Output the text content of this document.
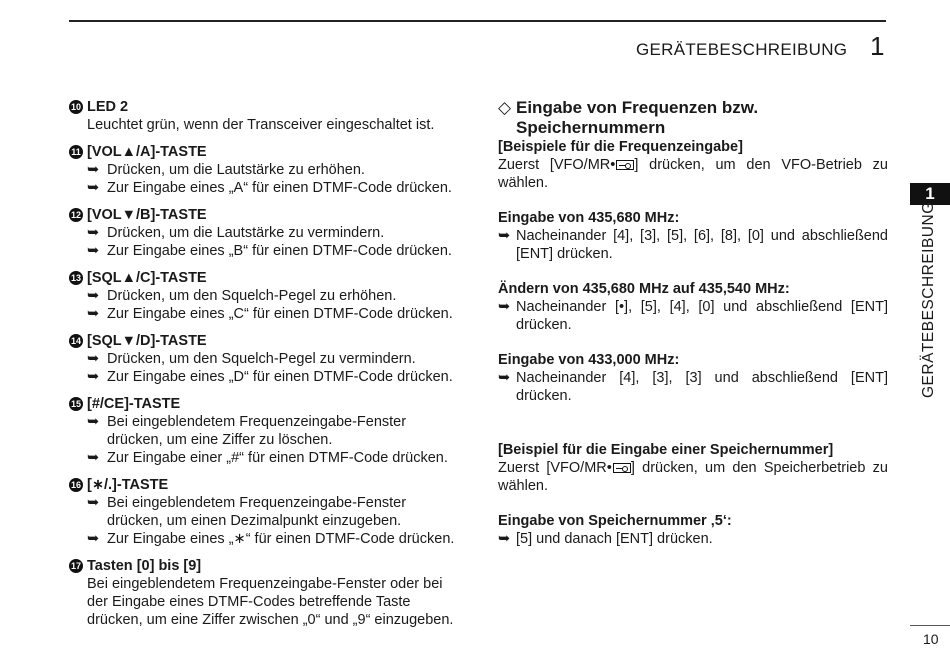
GERÄTEBESCHREIBUNG 1
10 LED 2
Leuchtet grün, wenn der Transceiver eingeschaltet ist.
11 [VOL▲/A]-TASTE
➥ Drücken, um die Lautstärke zu erhöhen.
➥ Zur Eingabe eines „A“ für einen DTMF-Code drücken.
12 [VOL▼/B]-TASTE
➥ Drücken, um die Lautstärke zu vermindern.
➥ Zur Eingabe eines „B“ für einen DTMF-Code drücken.
13 [SQL▲/C]-TASTE
➥ Drücken, um den Squelch-Pegel zu erhöhen.
➥ Zur Eingabe eines „C“ für einen DTMF-Code drücken.
14 [SQL▼/D]-TASTE
➥ Drücken, um den Squelch-Pegel zu vermindern.
➥ Zur Eingabe eines „D“ für einen DTMF-Code drücken.
15 [#/CE]-TASTE
➥ Bei eingeblendetem Frequenzeingabe-Fenster drücken, um eine Ziffer zu löschen.
➥ Zur Eingabe einer „#“ für einen DTMF-Code drücken.
16 [∗/.]-TASTE
➥ Bei eingeblendetem Frequenzeingabe-Fenster drücken, um einen Dezimalpunkt einzugeben.
➥ Zur Eingabe eines „∗“ für einen DTMF-Code drücken.
17 Tasten [0] bis [9]
Bei eingeblendetem Frequenzeingabe-Fenster oder bei der Eingabe eines DTMF-Codes betreffende Taste drücken, um eine Ziffer zwischen „0“ und „9“ einzugeben.
◇ Eingabe von Frequenzen bzw. Speichernummern
[Beispiele für die Frequenzeingabe]
Zuerst [VFO/MR• ] drücken, um den VFO-Betrieb zu wählen.
Eingabe von 435,680 MHz:
➥ Nacheinander [4], [3], [5], [6], [8], [0] und abschließend [ENT] drücken.
Ändern von 435,680 MHz auf 435,540 MHz:
➥ Nacheinander [•], [5], [4], [0] und abschließend [ENT] drücken.
Eingabe von 433,000 MHz:
➥ Nacheinander [4], [3], [3] und abschließend [ENT] drücken.
[Beispiel für die Eingabe einer Speichernummer]
Zuerst [VFO/MR• ] drücken, um den Speicherbetrieb zu wählen.
Eingabe von Speichernummer ‚5‘:
➥ [5] und danach [ENT] drücken.
1
GERÄTEBESCHREIBUNG
10
